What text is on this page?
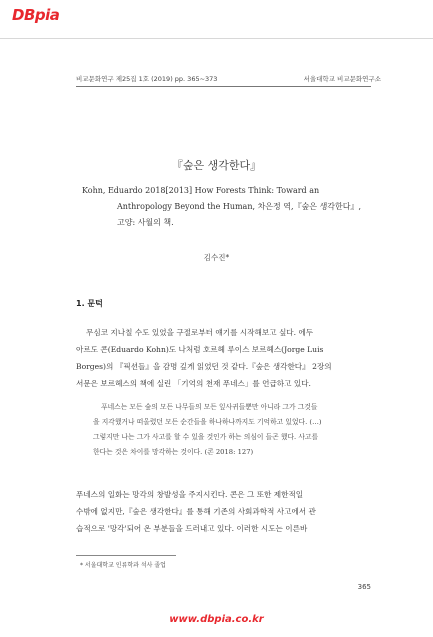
DBpia
비교문화연구 제25집 1호 (2019) pp. 365~373	서울대학교 비교문화연구소
『숲은 생각한다』
Kohn, Eduardo 2018[2013] How Forests Think: Toward an
Anthropology Beyond the Human, 차은정 역,『숲은 생각한다』,
고양: 사월의 책.
김수진*
1. 문턱
무심코 지나칠 수도 있었을 구절로부터 얘기를 시작해보고 싶다. 에두
아르도 콘(Eduardo Kohn)도 나처럼 호르헤 루이스 보르헤스(Jorge Luis
Borges)의 『픽션들』을 감명 깊게 읽었던 것 같다.『숲은 생각한다』 2장의
서문은 보르헤스의 책에 실린 「기억의 천재 푸네스」를 언급하고 있다.
푸네스는 모든 숲의 모든 나무들의 모든 잎사귀들뿐만 아니라 그가 그것들
을 지각했거나 떠올렸던 모든 순간들을 하나하나까지도 기억하고 있었다. (…)
그렇지만 나는 그가 사고를 할 수 있을 것인가 하는 의심이 들곤 했다. 사고를
한다는 것은 차이를 망각하는 것이다. (콘 2018: 127)
푸네스의 일화는 망각의 창발성을 주지시킨다. 콘은 그 또한 제한적일
수밖에 없지만,『숲은 생각한다』를 통해 기존의 사회과학적 사고에서 관
습적으로 '망각'되어 온 부분들을 드러내고 있다. 이러한 시도는 이른바
* 서울대학교 인류학과 석사 졸업
365
www.dbpia.co.kr
